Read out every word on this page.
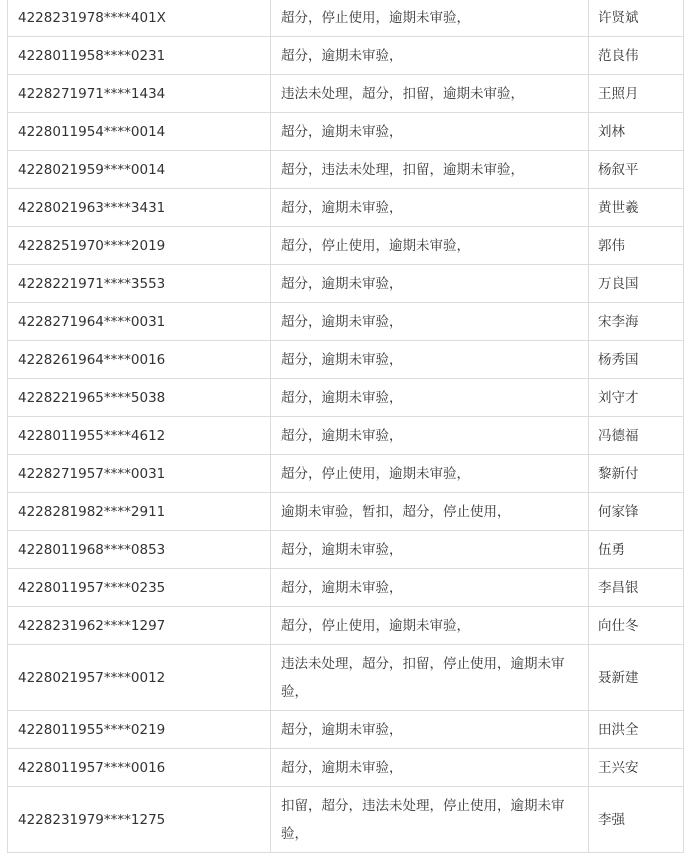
4228231978****401X	超分，停止使用，逾期未审验，	许贤斌
4228011958****0231	超分，逾期未审验，	范良伟
4228271971****1434	违法未处理，超分，扣留，逾期未审验，	王照月
4228011954****0014	超分，逾期未审验，	刘林
4228021959****0014	超分，违法未处理，扣留，逾期未审验，	杨叙平
4228021963****3431	超分，逾期未审验，	黄世羲
4228251970****2019	超分，停止使用，逾期未审验，	郭伟
4228221971****3553	超分，逾期未审验，	万良国
4228271964****0031	超分，逾期未审验，	宋李海
4228261964****0016	超分，逾期未审验，	杨秀国
4228221965****5038	超分，逾期未审验，	刘守才
4228011955****4612	超分，逾期未审验，	冯德福
4228271957****0031	超分，停止使用，逾期未审验，	黎新付
4228281982****2911	逾期未审验，暂扣，超分，停止使用，	何家锋
4228011968****0853	超分，逾期未审验，	伍勇
4228011957****0235	超分，逾期未审验，	李昌银
4228231962****1297	超分，停止使用，逾期未审验，	向仕冬
4228021957****0012	违法未处理，超分，扣留，停止使用，逾期未审验，	聂新建
4228011955****0219	超分，逾期未审验，	田洪全
4228011957****0016	超分，逾期未审验，	王兴安
4228231979****1275	扣留，超分，违法未处理，停止使用，逾期未审验，	李强
